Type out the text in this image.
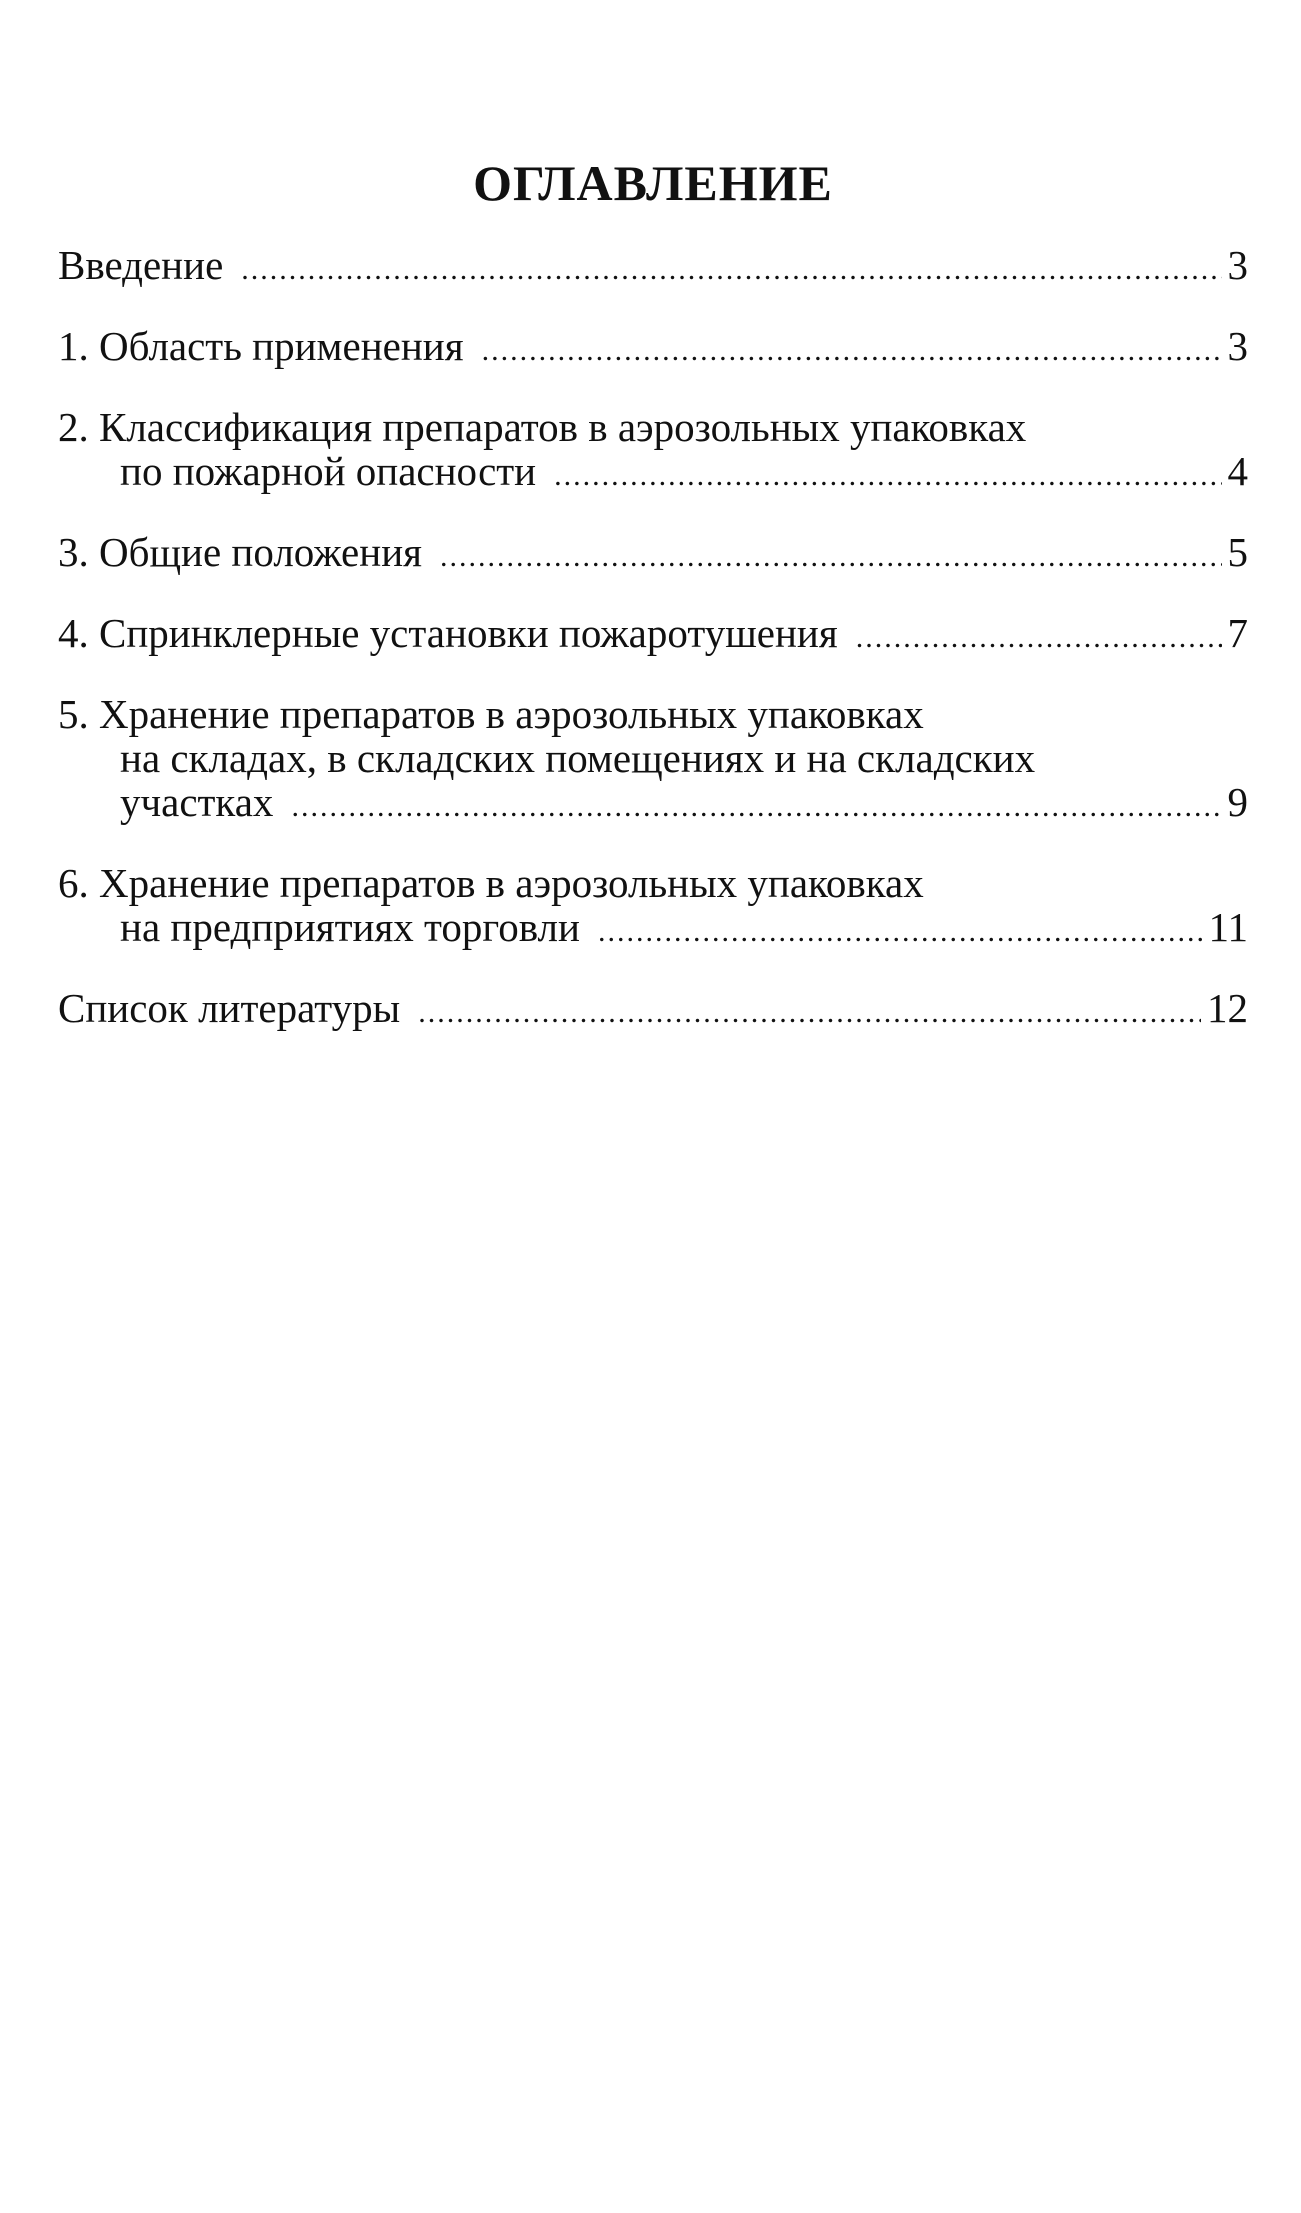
ОГЛАВЛЕНИЕ
Введение .....	3
1. Область применения .....	3
2. Классификация препаратов в аэрозольных упаковках
по пожарной опасности .....	4
3. Общие положения .....	5
4. Спринклерные установки пожаротушения .....	7
5. Хранение препаратов в аэрозольных упаковках
на складах, в складских помещениях и на складских
участках .....	9
6. Хранение препаратов в аэрозольных упаковках
на предприятиях торговли .....	11
Список литературы .....	12
